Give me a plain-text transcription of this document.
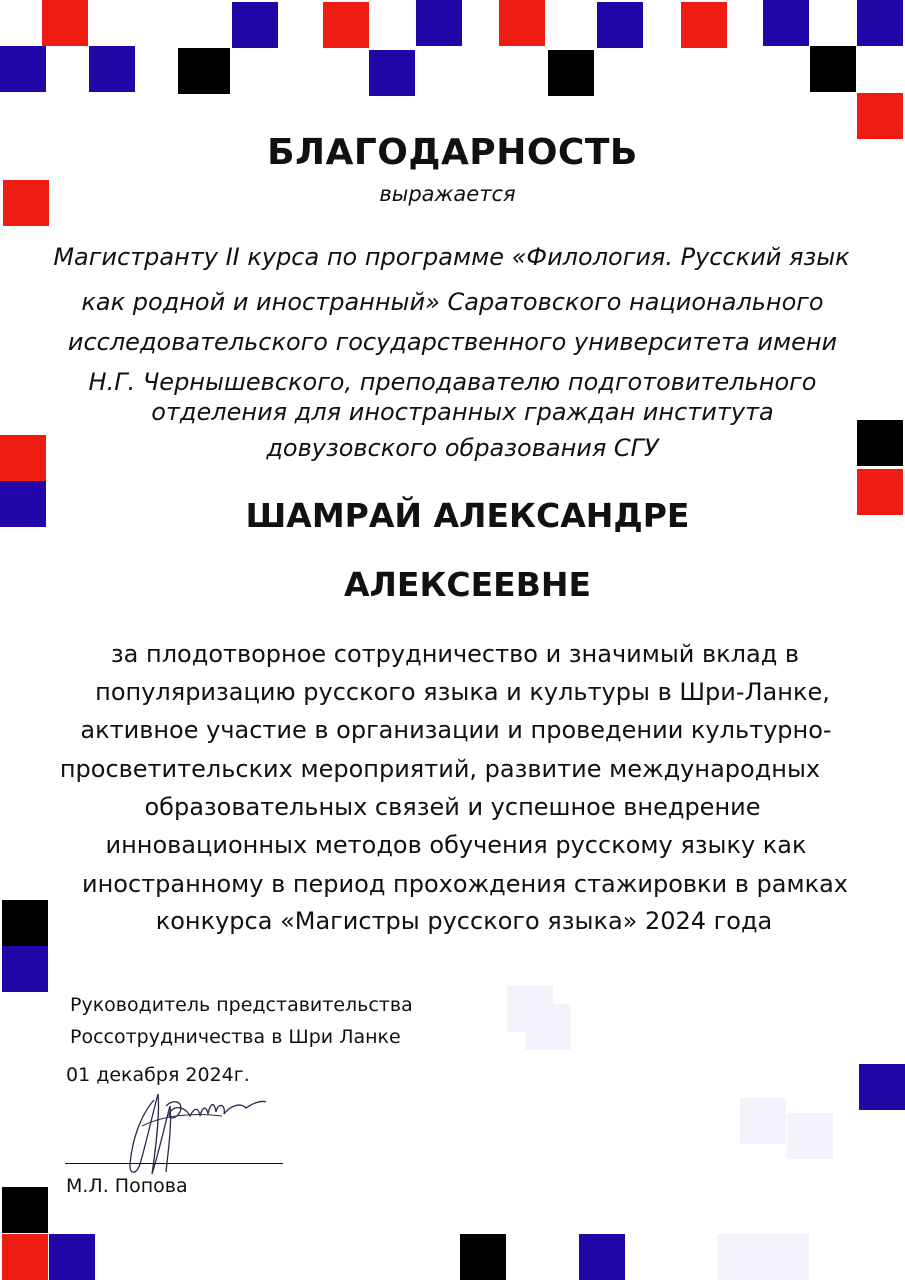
БЛАГОДАРНОСТЬ
выражается
Магистранту II курса по программе «Филология. Русский язык
как родной и иностранный» Саратовского национального
исследовательского государственного университета имени
Н.Г. Чернышевского, преподавателю подготовительного
отделения для иностранных граждан института
довузовского образования СГУ
ШАМРАЙ АЛЕКСАНДРЕ
АЛЕКСЕЕВНЕ
за плодотворное сотрудничество и значимый вклад в
популяризацию русского языка и культуры в Шри-Ланке,
активное участие в организации и проведении культурно-
просветительских мероприятий, развитие международных
образовательных связей и успешное внедрение
инновационных методов обучения русскому языку как
иностранному в период прохождения стажировки в рамках
конкурса «Магистры русского языка» 2024 года
Руководитель представительства
Россотрудничества в Шри Ланке
01 декабря 2024г.
М.Л. Попова
